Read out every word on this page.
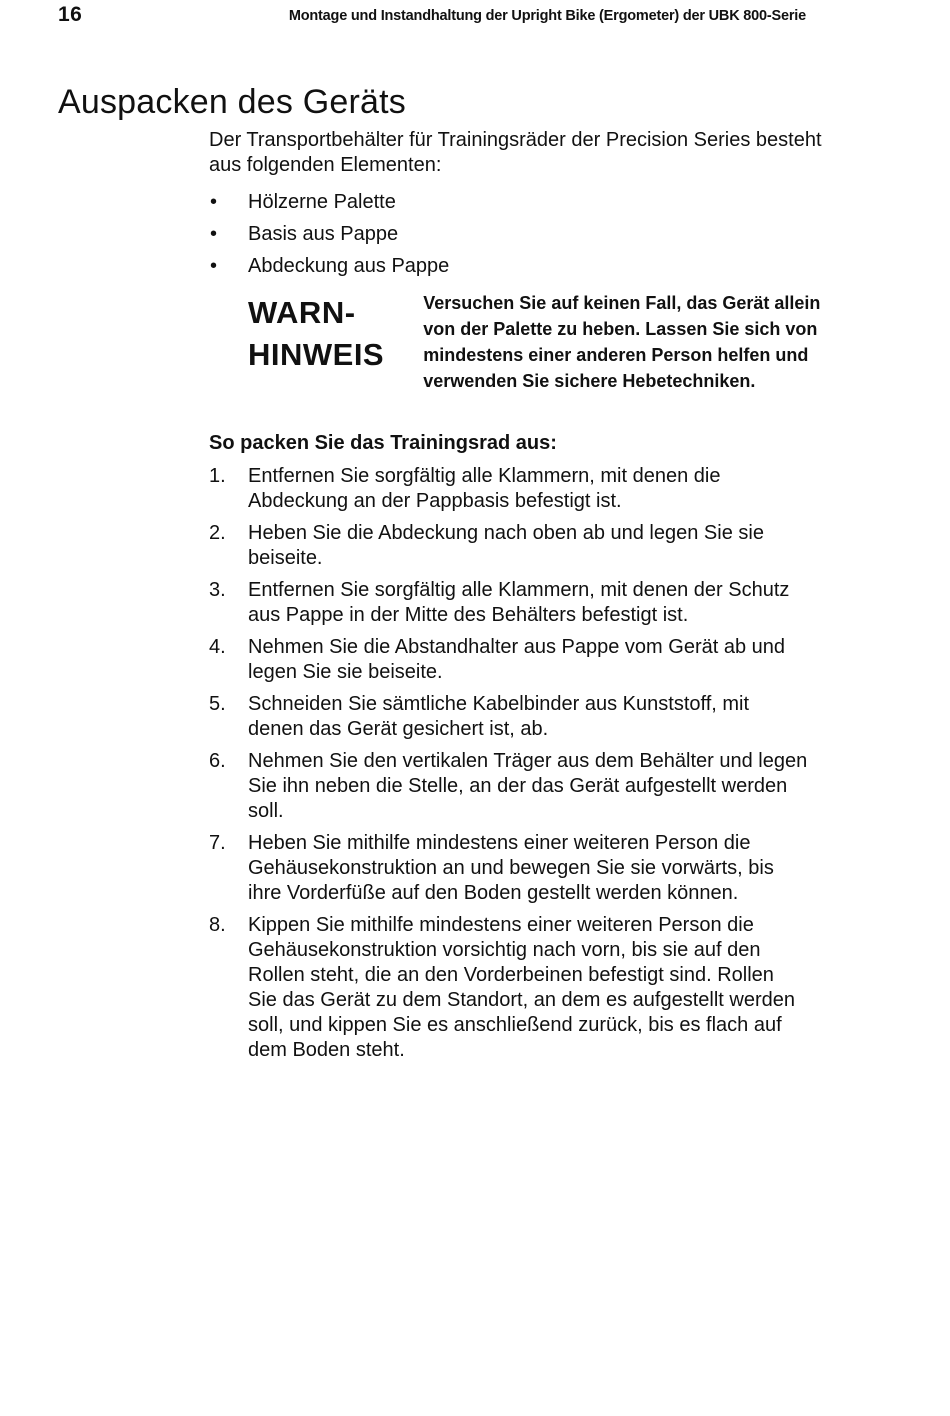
16	Montage und Instandhaltung der Upright Bike (Ergometer) der UBK 800-Serie
Auspacken des Geräts

Der Transportbehälter für Trainingsräder der Precision Series besteht aus folgenden Elementen:

• Hölzerne Palette
• Basis aus Pappe
• Abdeckung aus Pappe
WARN-
HINWEIS
Versuchen Sie auf keinen Fall, das Gerät allein von der Palette zu heben. Lassen Sie sich von mindestens einer anderen Person helfen und verwenden Sie sichere Hebetechniken.
So packen Sie das Trainingsrad aus:
1. Entfernen Sie sorgfältig alle Klammern, mit denen die Abdeckung an der Pappbasis befestigt ist.
2. Heben Sie die Abdeckung nach oben ab und legen Sie sie beiseite.
3. Entfernen Sie sorgfältig alle Klammern, mit denen der Schutz aus Pappe in der Mitte des Behälters befestigt ist.
4. Nehmen Sie die Abstandhalter aus Pappe vom Gerät ab und legen Sie sie beiseite.
5. Schneiden Sie sämtliche Kabelbinder aus Kunststoff, mit denen das Gerät gesichert ist, ab.
6. Nehmen Sie den vertikalen Träger aus dem Behälter und legen Sie ihn neben die Stelle, an der das Gerät aufgestellt werden soll.
7. Heben Sie mithilfe mindestens einer weiteren Person die Gehäusekonstruktion an und bewegen Sie sie vorwärts, bis ihre Vorderfüße auf den Boden gestellt werden können.
8. Kippen Sie mithilfe mindestens einer weiteren Person die Gehäusekonstruktion vorsichtig nach vorn, bis sie auf den Rollen steht, die an den Vorderbeinen befestigt sind. Rollen Sie das Gerät zu dem Standort, an dem es aufgestellt werden soll, und kippen Sie es anschließend zurück, bis es flach auf dem Boden steht.
